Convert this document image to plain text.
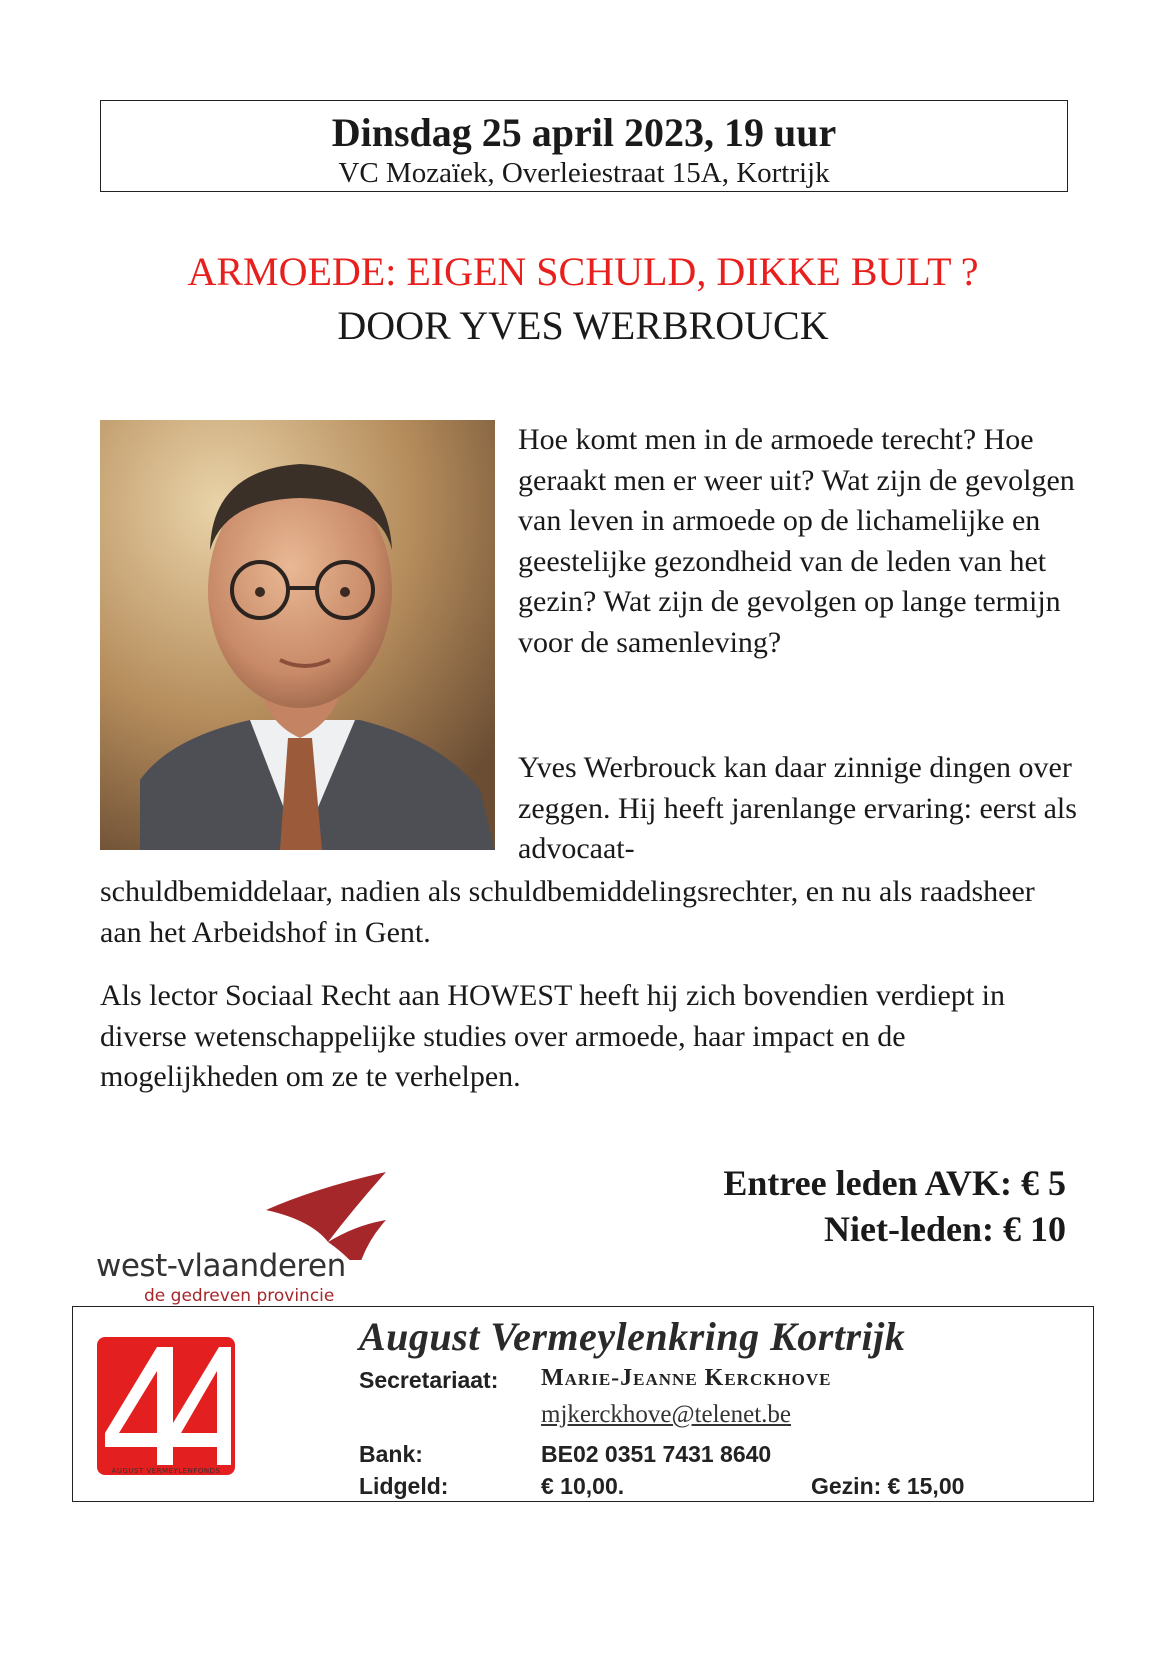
Dinsdag 25 april 2023, 19 uur
VC Mozaïek, Overleiestraat 15A, Kortrijk
ARMOEDE: EIGEN SCHULD, DIKKE BULT ?
DOOR YVES WERBROUCK
Hoe komt men in de armoede terecht? Hoe geraakt men er weer uit? Wat zijn de gevolgen van leven in armoede op de lichamelijke en geestelijke gezondheid van de leden van het gezin? Wat zijn de gevolgen op lange termijn voor de samenleving?
Yves Werbrouck kan daar zinnige dingen over zeggen. Hij heeft jarenlange ervaring: eerst als advocaat-
schuldbemiddelaar, nadien als schuldbemiddelingsrechter, en nu als raadsheer aan het Arbeidshof in Gent.
Als lector Sociaal Recht aan HOWEST heeft hij zich bovendien verdiept in diverse wetenschappelijke studies over armoede, haar impact en de mogelijkheden om ze te verhelpen.
Entree leden AVK: € 5
Niet-leden: € 10
west-vlaanderen
de gedreven provincie
AUGUST VERMEYLENFONDS
August Vermeylenkring Kortrijk
Secretariaat: Marie-Jeanne Kerckhove
mjkerckhove@telenet.be
Bank:	BE02 0351 7431 8640
Lidgeld:	€ 10,00.	Gezin: € 15,00
